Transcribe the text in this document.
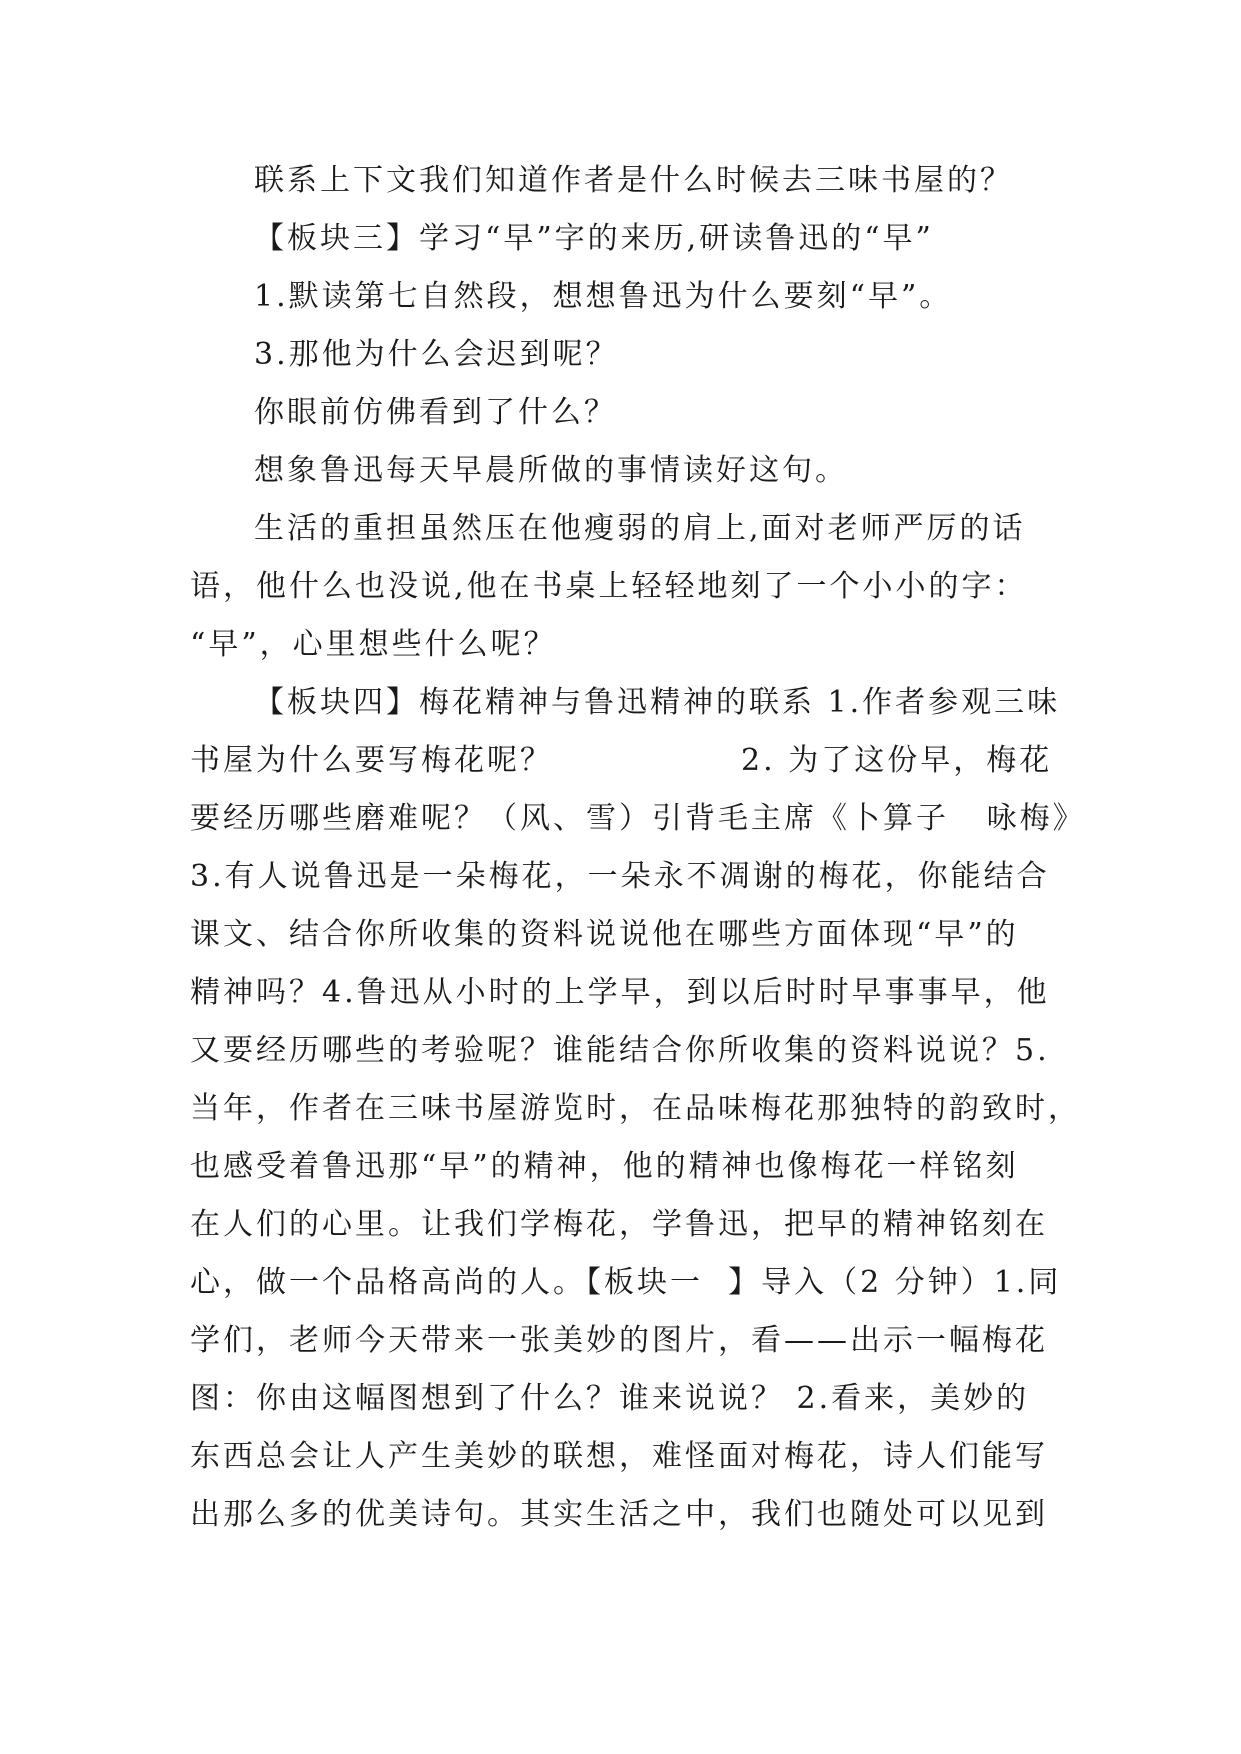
联系上下文我们知道作者是什么时候去三味书屋的？
【板块三】学习“早”字的来历,研读鲁迅的“早”
1.默读第七自然段，想想鲁迅为什么要刻“早”。
3.那他为什么会迟到呢？
你眼前仿佛看到了什么？
想象鲁迅每天早晨所做的事情读好这句。
生活的重担虽然压在他瘦弱的肩上,面对老师严厉的话
语，他什么也没说,他在书桌上轻轻地刻了一个小小的字：
“早”，心里想些什么呢？
【板块四】梅花精神与鲁迅精神的联系 1.作者参观三味
书屋为什么要写梅花呢？               2. 为了这份早，梅花
要经历哪些磨难呢？（风、雪）引背毛主席《卜算子   咏梅》
3.有人说鲁迅是一朵梅花，一朵永不凋谢的梅花，你能结合
课文、结合你所收集的资料说说他在哪些方面体现“早”的
精神吗？4.鲁迅从小时的上学早，到以后时时早事事早，他
又要经历哪些的考验呢？谁能结合你所收集的资料说说？5.
当年，作者在三味书屋游览时，在品味梅花那独特的韵致时，
也感受着鲁迅那“早”的精神，他的精神也像梅花一样铭刻
在人们的心里。让我们学梅花，学鲁迅，把早的精神铭刻在
心，做一个品格高尚的人。【板块一  】导入（2 分钟）1.同
学们，老师今天带来一张美妙的图片，看——出示一幅梅花
图：你由这幅图想到了什么？谁来说说？ 2.看来，美妙的
东西总会让人产生美妙的联想，难怪面对梅花，诗人们能写
出那么多的优美诗句。其实生活之中，我们也随处可以见到
